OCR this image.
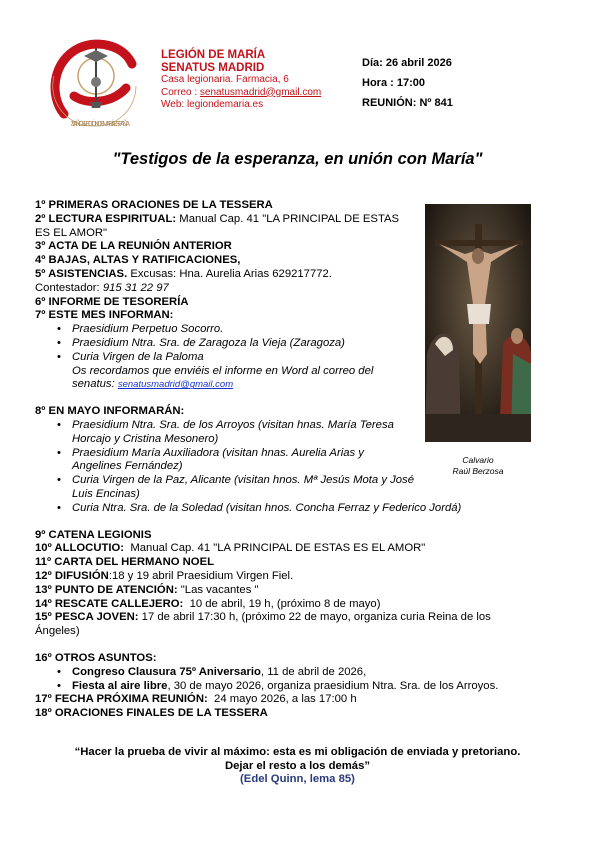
75 AÑOS LEGIÓN DE MARÍA ESPAÑA
LEGIÓN DE MARÍA
SENATUS MADRID
Casa legionaria. Farmacia, 6
Correo : senatusmadrid@gmail.com
Web: legiondemaria.es
Día: 26 abril 2026
Hora : 17:00
REUNIÓN: Nº 841
"Testigos de la esperanza, en unión con María"
Calvario
Raúl Berzosa
1º PRIMERAS ORACIONES DE LA TESSERA
2º LECTURA ESPIRITUAL: Manual Cap. 41 "LA PRINCIPAL DE ESTAS      ES EL AMOR"
3º ACTA DE LA REUNIÓN ANTERIOR
4º BAJAS, ALTAS Y RATIFICACIONES,
5º ASISTENCIAS. Excusas: Hna. Aurelia Arias 629217772.
Contestador: 915 31 22 97
6º INFORME DE TESORERÍA
7º ESTE MES INFORMAN:
• Praesidium Perpetuo Socorro.
• Praesidium Ntra. Sra. de Zaragoza la Vieja (Zaragoza)
• Curia Virgen de la Paloma
Os recordamos que enviéis el informe en Word al correo del senatus: senatusmadrid@gmail.com
8º EN MAYO INFORMARÁN:
• Praesidium Ntra. Sra. de los Arroyos (visitan hnas. María Teresa Horcajo y Cristina Mesonero)
• Praesidium María Auxiliadora (visitan hnas. Aurelia Arias y Angelines Fernández)
• Curia Virgen de la Paz, Alicante (visitan hnos. Mª Jesús Mota y José Luis Encinas)
• Curia Ntra. Sra. de la Soledad (visitan hnos. Concha Ferraz y Federico Jordá)
9º CATENA LEGIONIS
10º ALLOCUTIO:  Manual Cap. 41 "LA PRINCIPAL DE ESTAS ES EL AMOR"
11º CARTA DEL HERMANO NOEL
12º DIFUSIÓN:18 y 19 abril Praesidium Virgen Fiel.
13º PUNTO DE ATENCIÓN: "Las vacantes "
14º RESCATE CALLEJERO:  10 de abril, 19 h, (próximo 8 de mayo)
15º PESCA JOVEN: 17 de abril 17:30 h, (próximo 22 de mayo, organiza curia Reina de los Ángeles)
16º OTROS ASUNTOS:
• Congreso Clausura 75º Aniversario, 11 de abril de 2026,
• Fiesta al aire libre, 30 de mayo 2026, organiza praesidium Ntra. Sra. de los Arroyos.
17º FECHA PRÓXIMA REUNIÓN:  24 mayo 2026, a las 17:00 h
18º ORACIONES FINALES DE LA TESSERA
“Hacer la prueba de vivir al máximo: esta es mi obligación de enviada y pretoriano.
Dejar el resto a los demás”
(Edel Quinn, lema 85)
